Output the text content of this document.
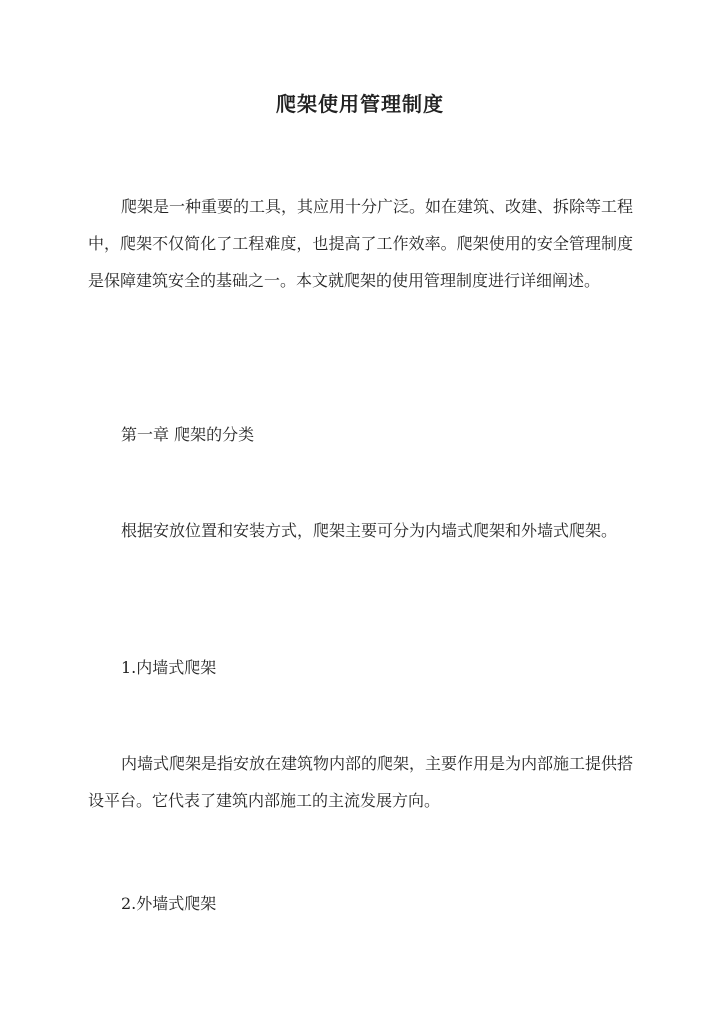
爬架使用管理制度

爬架是一种重要的工具，其应用十分广泛。如在建筑、改建、拆除等工程中，爬架不仅简化了工程难度，也提高了工作效率。爬架使用的安全管理制度是保障建筑安全的基础之一。本文就爬架的使用管理制度进行详细阐述。

第一章 爬架的分类

根据安放位置和安装方式，爬架主要可分为内墙式爬架和外墙式爬架。

1.内墙式爬架

内墙式爬架是指安放在建筑物内部的爬架，主要作用是为内部施工提供搭设平台。它代表了建筑内部施工的主流发展方向。

2.外墙式爬架
